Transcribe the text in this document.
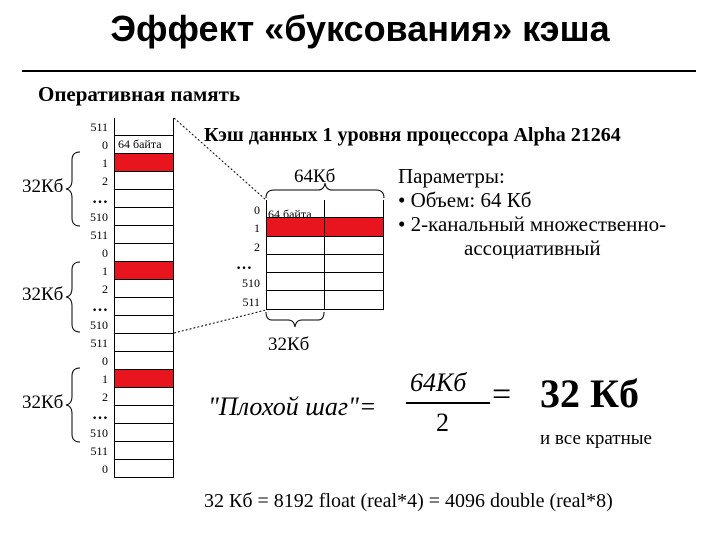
Эффект «буксования» кэша
Оперативная память
511
0
1
2
…
510
511
0
1
2
…
510
511
0
1
2
…
510
511
0
0
1
2
…
510
511
32Кб
32Кб
32Кб
64 байта
64 байта
Кэш данных 1 уровня процессора Alpha 21264
64Кб
32Кб
Параметры:
• Объем: 64 Кб
• 2-канальный множественно-
ассоциативный
"Плохой шаг"=
64Кб
2
= 32 Кб
и все кратные
32 Кб = 8192 float (real*4) = 4096 double (real*8)
